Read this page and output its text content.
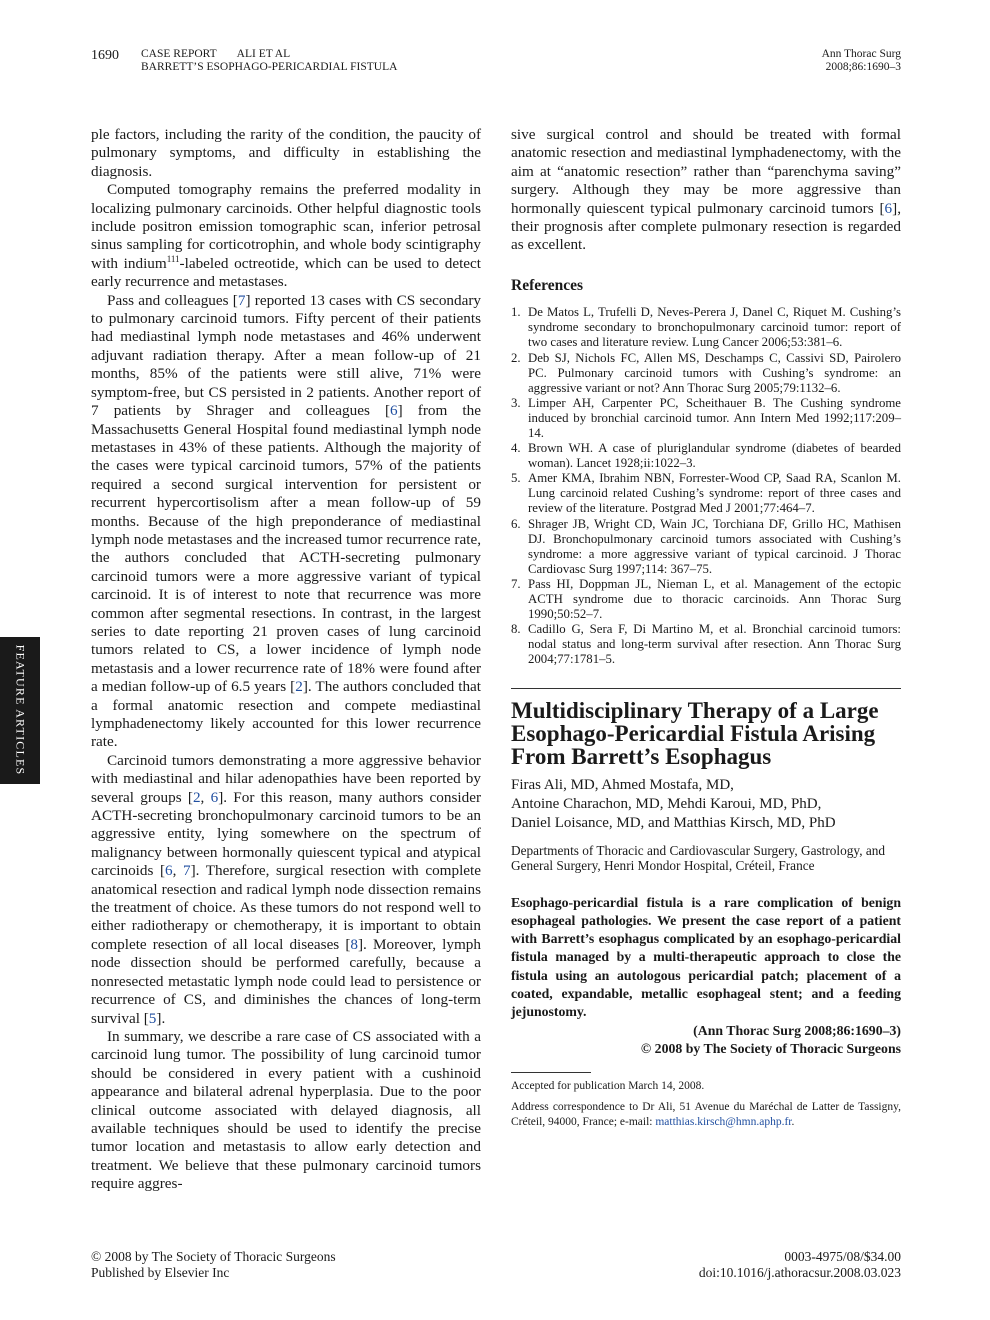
1690 CASE REPORT ALI ET AL
BARRETT’S ESOPHAGO-PERICARDIAL FISTULA
Ann Thorac Surg
2008;86:1690–3
FEATURE ARTICLES

ple factors, including the rarity of the condition, the paucity of pulmonary symptoms, and difficulty in establishing the diagnosis.

Computed tomography remains the preferred modality in localizing pulmonary carcinoids. Other helpful diagnostic tools include positron emission tomographic scan, inferior petrosal sinus sampling for corticotrophin, and whole body scintigraphy with indium$^{111}$-labeled octreotide, which can be used to detect early recurrence and metastases.

Pass and colleagues [7] reported 13 cases with CS secondary to pulmonary carcinoid tumors. Fifty percent of their patients had mediastinal lymph node metastases and 46% underwent adjuvant radiation therapy. After a mean follow-up of 21 months, 85% of the patients were still alive, 71% were symptom-free, but CS persisted in 2 patients. Another report of 7 patients by Shrager and colleagues [6] from the Massachusetts General Hospital found mediastinal lymph node metastases in 43% of these patients. Although the majority of the cases were typical carcinoid tumors, 57% of the patients required a second surgical intervention for persistent or recurrent hypercortisolism after a mean follow-up of 59 months. Because of the high preponderance of mediastinal lymph node metastases and the increased tumor recurrence rate, the authors concluded that ACTH-secreting pulmonary carcinoid tumors were a more aggressive variant of typical carcinoid. It is of interest to note that recurrence was more common after segmental resections. In contrast, in the largest series to date reporting 21 proven cases of lung carcinoid tumors related to CS, a lower incidence of lymph node metastasis and a lower recurrence rate of 18% were found after a median follow-up of 6.5 years [2]. The authors concluded that a formal anatomic resection and compete mediastinal lymphadenectomy likely accounted for this lower recurrence rate.

Carcinoid tumors demonstrating a more aggressive behavior with mediastinal and hilar adenopathies have been reported by several groups [2, 6]. For this reason, many authors consider ACTH-secreting bronchopulmonary carcinoid tumors to be an aggressive entity, lying somewhere on the spectrum of malignancy between hormonally quiescent typical and atypical carcinoids [6, 7]. Therefore, surgical resection with complete anatomical resection and radical lymph node dissection remains the treatment of choice. As these tumors do not respond well to either radiotherapy or chemotherapy, it is important to obtain complete resection of all local diseases [8]. Moreover, lymph node dissection should be performed carefully, because a nonresected metastatic lymph node could lead to persistence or recurrence of CS, and diminishes the chances of long-term survival [5].

In summary, we describe a rare case of CS associated with a carcinoid lung tumor. The possibility of lung carcinoid tumor should be considered in every patient with a cushinoid appearance and bilateral adrenal hyperplasia. Due to the poor clinical outcome associated with delayed diagnosis, all available techniques should be used to identify the precise tumor location and metastasis to allow early detection and treatment. We believe that these pulmonary carcinoid tumors require aggres-

sive surgical control and should be treated with formal anatomic resection and mediastinal lymphadenectomy, with the aim at “anatomic resection” rather than “parenchyma saving” surgery. Although they may be more aggressive than hormonally quiescent typical pulmonary carcinoid tumors [6], their prognosis after complete pulmonary resection is regarded as excellent.

References
1. De Matos L, Trufelli D, Neves-Perera J, Danel C, Riquet M. Cushing’s syndrome secondary to bronchopulmonary carcinoid tumor: report of two cases and literature review. Lung Cancer 2006;53:381–6.
2. Deb SJ, Nichols FC, Allen MS, Deschamps C, Cassivi SD, Pairolero PC. Pulmonary carcinoid tumors with Cushing’s syndrome: an aggressive variant or not? Ann Thorac Surg 2005;79:1132–6.
3. Limper AH, Carpenter PC, Scheithauer B. The Cushing syndrome induced by bronchial carcinoid tumor. Ann Intern Med 1992;117:209–14.
4. Brown WH. A case of pluriglandular syndrome (diabetes of bearded woman). Lancet 1928;ii:1022–3.
5. Amer KMA, Ibrahim NBN, Forrester-Wood CP, Saad RA, Scanlon M. Lung carcinoid related Cushing’s syndrome: report of three cases and review of the literature. Postgrad Med J 2001;77:464–7.
6. Shrager JB, Wright CD, Wain JC, Torchiana DF, Grillo HC, Mathisen DJ. Bronchopulmonary carcinoid tumors associated with Cushing’s syndrome: a more aggressive variant of typical carcinoid. J Thorac Cardiovasc Surg 1997;114: 367–75.
7. Pass HI, Doppman JL, Nieman L, et al. Management of the ectopic ACTH syndrome due to thoracic carcinoids. Ann Thorac Surg 1990;50:52–7.
8. Cadillo G, Sera F, Di Martino M, et al. Bronchial carcinoid tumors: nodal status and long-term survival after resection. Ann Thorac Surg 2004;77:1781–5.
Multidisciplinary Therapy of a Large Esophago-Pericardial Fistula Arising From Barrett’s Esophagus
Firas Ali, MD, Ahmed Mostafa, MD,
Antoine Charachon, MD, Mehdi Karoui, MD, PhD,
Daniel Loisance, MD, and Matthias Kirsch, MD, PhD
Departments of Thoracic and Cardiovascular Surgery, Gastrology, and General Surgery, Henri Mondor Hospital, Créteil, France
Esophago-pericardial fistula is a rare complication of benign esophageal pathologies. We present the case report of a patient with Barrett’s esophagus complicated by an esophago-pericardial fistula managed by a multi-therapeutic approach to close the fistula using an autologous pericardial patch; placement of a coated, expandable, metallic esophageal stent; and a feeding jejunostomy.
(Ann Thorac Surg 2008;86:1690–3)
© 2008 by The Society of Thoracic Surgeons

Accepted for publication March 14, 2008.

Address correspondence to Dr Ali, 51 Avenue du Maréchal de Latter de Tassigny, Créteil, 94000, France; e-mail: matthias.kirsch@hmn.aphp.fr.

© 2008 by The Society of Thoracic Surgeons
Published by Elsevier Inc
0003-4975/08/$34.00
doi:10.1016/j.athoracsur.2008.03.023
